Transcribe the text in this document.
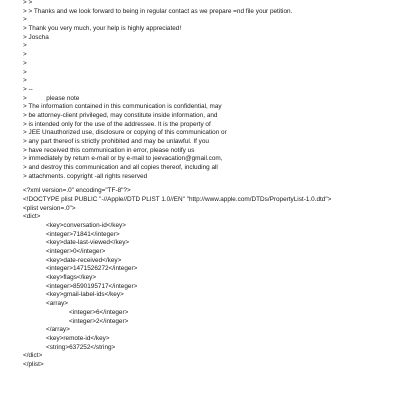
> >
> > Thanks and we look forward to being in regular contact as we prepare =nd file your petition.
>
> Thank you very much, your help is highly appreciated!
> Joscha
>
>
>
>
>
> --
>           please note
> The information contained in this communication is confidential, may
> be attorney-client privileged, may constitute inside information, and
> is intended only for the use of the addressee. It is the property of
> JEE Unauthorized use, disclosure or copying of this communication or
> any part thereof is strictly prohibited and may be unlawful. If you
> have received this communication in error, please notify us
> immediately by return e-mail or by e-mail to jeevacation@gmail.com,
> and destroy this communication and all copies thereof, including all
> attachments. copyright -all rights reserved
<?xml version=.0" encoding="TF-8"?>
<!DOCTYPE plist PUBLIC "-//Apple//DTD PLIST 1.0//EN" "http://www.apple.com/DTDs/PropertyList-1.0.dtd">
<plist version=.0">
<dict>
<key>conversation-id</key>
<integer>71841</integer>
<key>date-last-viewed</key>
<integer>0</integer>
<key>date-received</key>
<integer>1471526272</integer>
<key>flags</key>
<integer>8590195717</integer>
<key>gmail-label-ids</key>
<array>
<integer>6</integer>
<integer>2</integer>
</array>
<key>remote-id</key>
<string>637252</string>
</dict>
</plist>
